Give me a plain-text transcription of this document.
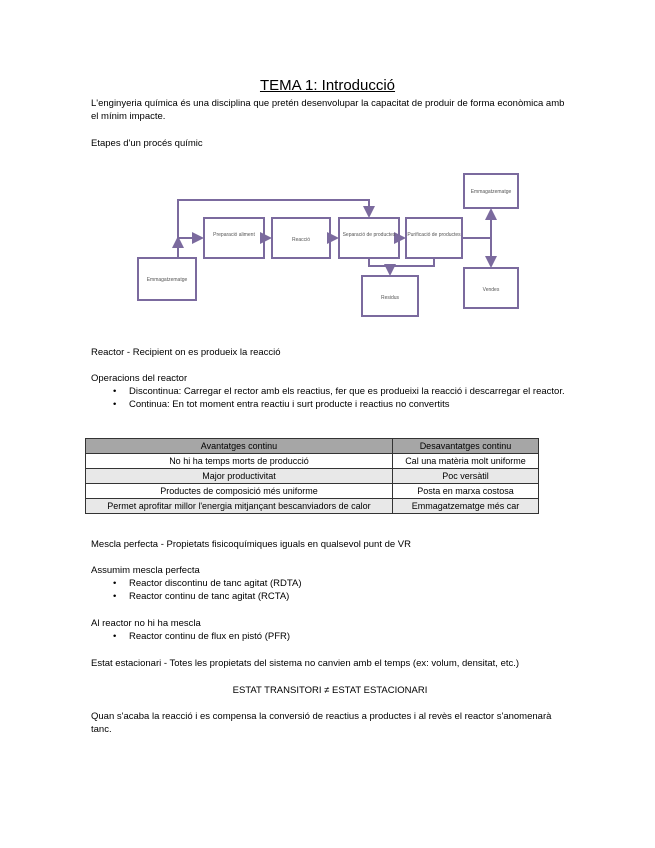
TEMA 1: Introducció
L'enginyeria química és una disciplina que pretén desenvolupar la capacitat de produir de forma econòmica amb el mínim impacte.
Etapes d'un procés químic
Emmagatzematge
Preparació aliment
Reacció
Separació de productes Purificació de productes
Emmagatzematge
Residus
Vendes
Reactor - Recipient on es produeix la reacció
Operacions del reactor
• Discontinua: Carregar el rector amb els reactius, fer que es produeixi la reacció i descarregar el reactor.
• Continua: En tot moment entra reactiu i surt producte i reactius no convertits
Avantatges continu	Desavantatges continu
No hi ha temps morts de producció	Cal una matèria molt uniforme
Major productivitat	Poc versàtil
Productes de composició més uniforme	Posta en marxa costosa
Permet aprofitar millor l'energia mitjançant bescanviadors de calor	Emmagatzematge més car
Mescla perfecta - Propietats fisicoquímiques iguals en qualsevol punt de VR
Assumim mescla perfecta
• Reactor discontinu de tanc agitat (RDTA)
• Reactor continu de tanc agitat (RCTA)
Al reactor no hi ha mescla
• Reactor continu de flux en pistó (PFR)
Estat estacionari - Totes les propietats del sistema no canvien amb el temps (ex: volum, densitat, etc.)
ESTAT TRANSITORI ≠ ESTAT ESTACIONARI
Quan s'acaba la reacció i es compensa la conversió de reactius a productes i al revès el reactor s'anomenarà tanc.
